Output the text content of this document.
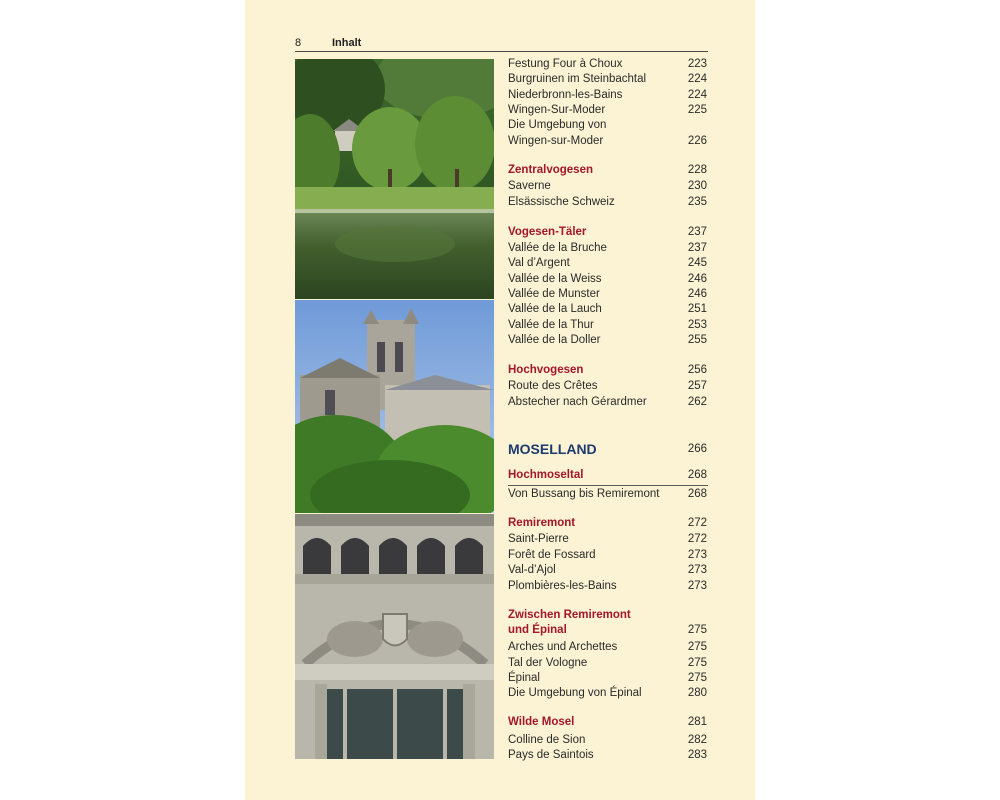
8	Inhalt
Festung Four à Choux	223
Burgruinen im Steinbachtal	224
Niederbronn-les-Bains	224
Wingen-Sur-Moder	225
Die Umgebung von
Wingen-sur-Moder	226
Zentralvogesen	228
Saverne	230
Elsässische Schweiz	235
Vogesen-Täler	237
Vallée de la Bruche	237
Val d’Argent	245
Vallée de la Weiss	246
Vallée de Munster	246
Vallée de la Lauch	251
Vallée de la Thur	253
Vallée de la Doller	255
Hochvogesen	256
Route des Crêtes	257
Abstecher nach Gérardmer	262
MOSELLAND	266
Hochmoseltal	268
Von Bussang bis Remiremont 268
Remiremont	272
Saint-Pierre	272
Forêt de Fossard	273
Val-d’Ajol	273
Plombières-les-Bains	273
Zwischen Remiremont
und Épinal	275
Arches und Archettes	275
Tal der Vologne	275
Épinal	275
Die Umgebung von Épinal	280
Wilde Mosel	281
Colline de Sion	282
Pays de Saintois	283
